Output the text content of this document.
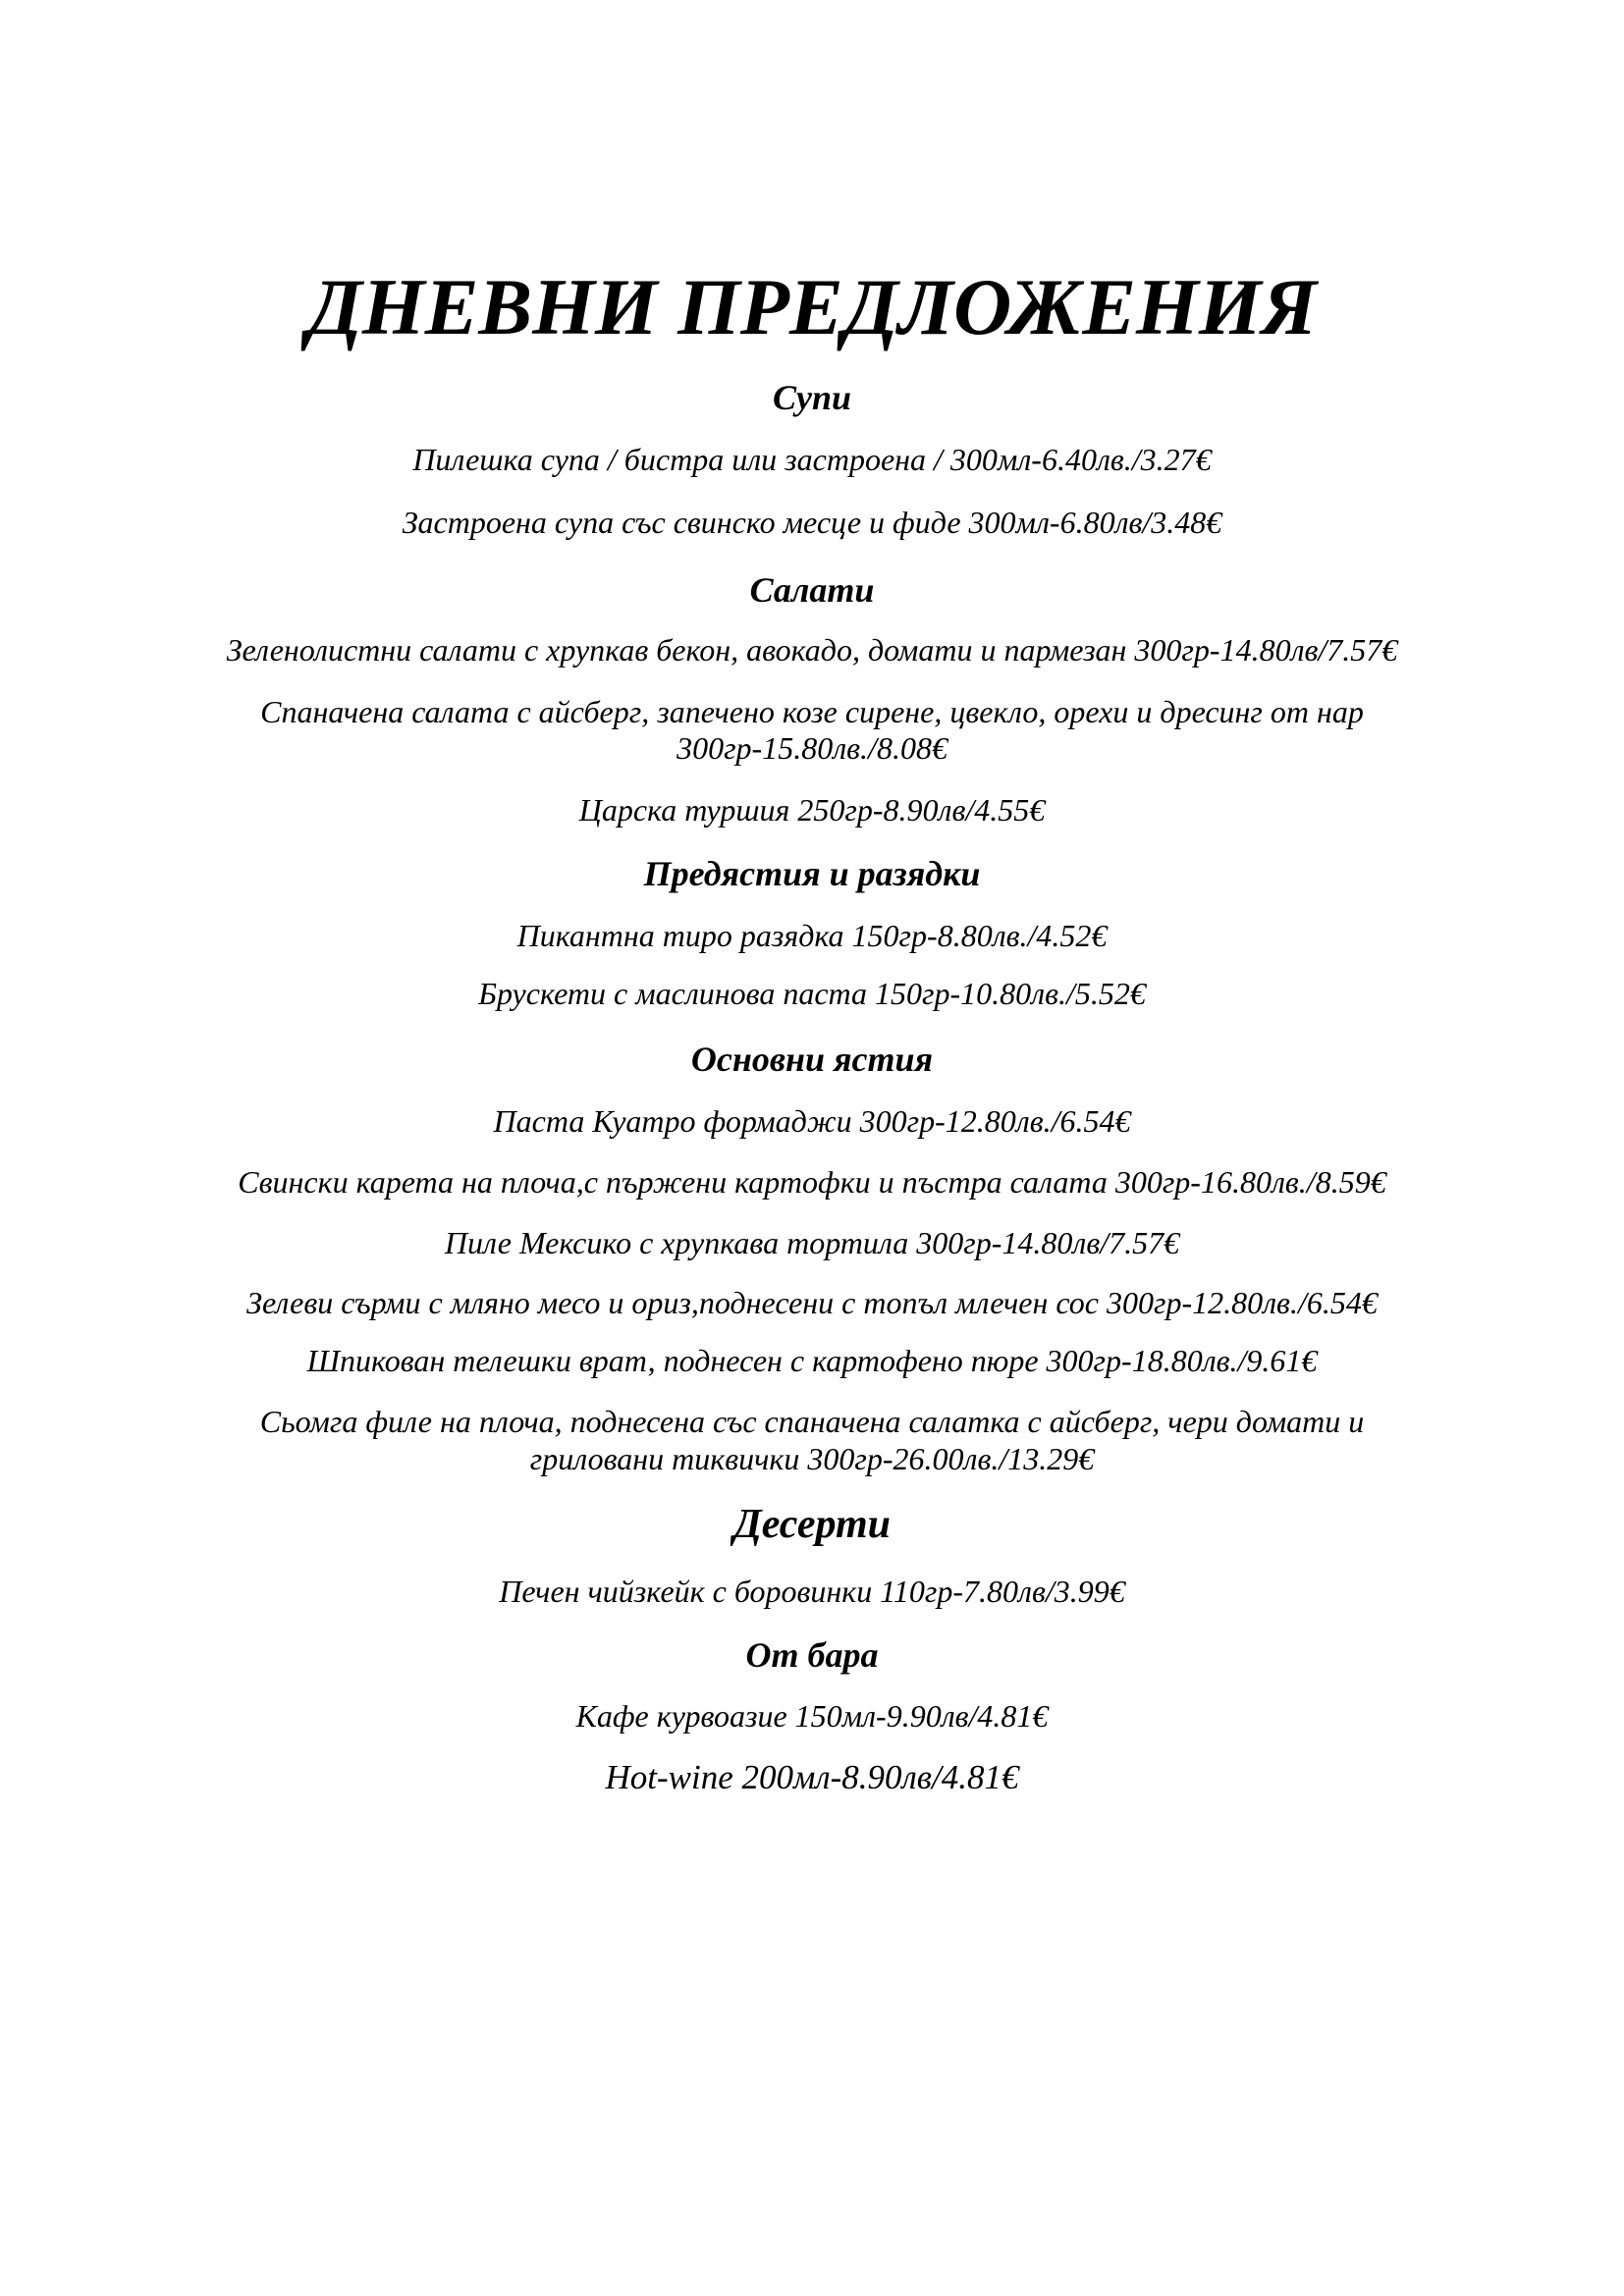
ДНЕВНИ ПРЕДЛОЖЕНИЯ
Супи
Пилешка супа / бистра или застроена / 300мл-6.40лв./3.27€
Застроена супа със свинско месце и фиде 300мл-6.80лв/3.48€
Салати
Зеленолистни салати с хрупкав бекон, авокадо, домати и пармезан 300гр-14.80лв/7.57€
Спаначена салата с айсберг, запечено козе сирене, цвекло, орехи и дресинг от нар
300гр-15.80лв./8.08€
Царска туршия 250гр-8.90лв/4.55€
Предястия и разядки
Пикантна тиро разядка 150гр-8.80лв./4.52€
Брускети с маслинова паста 150гр-10.80лв./5.52€
Основни ястия
Паста Куатро формаджи 300гр-12.80лв./6.54€
Свински карета на плоча,с пържени картофки и пъстра салата 300гр-16.80лв./8.59€
Пиле Мексико с хрупкава тортила 300гр-14.80лв/7.57€
Зелеви сърми с мляно месо и ориз,поднесени с топъл млечен сос 300гр-12.80лв./6.54€
Шпикован телешки врат, поднесен с картофено пюре 300гр-18.80лв./9.61€
Сьомга филе на плоча, поднесена със спаначена салатка с айсберг, чери домати и
гриловани тиквички 300гр-26.00лв./13.29€
Десерти
Печен чийзкейк с боровинки 110гр-7.80лв/3.99€
От бара
Кафе курвоазие 150мл-9.90лв/4.81€
Hot-wine 200мл-8.90лв/4.81€
